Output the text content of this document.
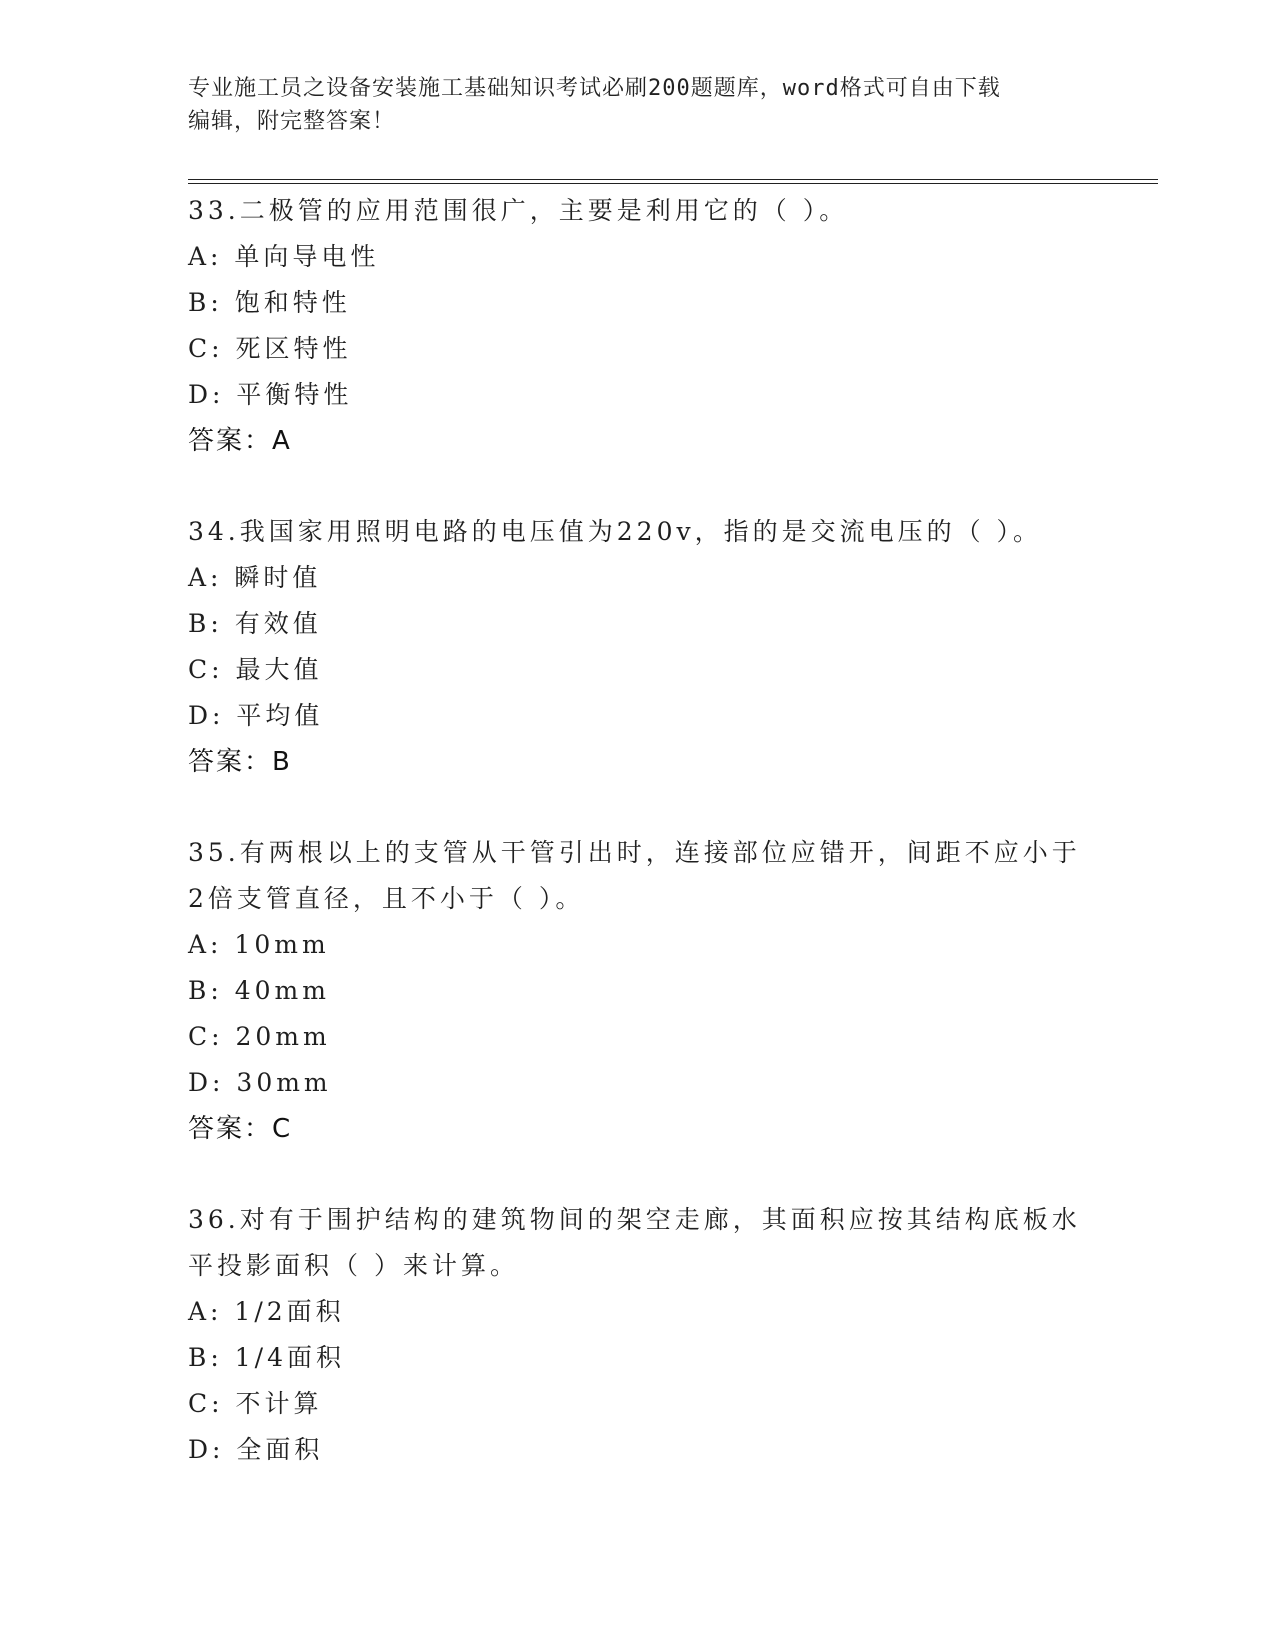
专业施工员之设备安装施工基础知识考试必刷200题题库，word格式可自由下载
编辑，附完整答案！
33.二极管的应用范围很广，主要是利用它的（ ）。
A: 单向导电性
B: 饱和特性
C: 死区特性
D: 平衡特性
答案：A
34.我国家用照明电路的电压值为220v，指的是交流电压的（ ）。
A: 瞬时值
B: 有效值
C: 最大值
D: 平均值
答案：B
35.有两根以上的支管从干管引出时，连接部位应错开，间距不应小于
2倍支管直径，且不小于（ ）。
A: 10mm
B: 40mm
C: 20mm
D: 30mm
答案：C
36.对有于围护结构的建筑物间的架空走廊，其面积应按其结构底板水
平投影面积（ ）来计算。
A: 1/2面积
B: 1/4面积
C: 不计算
D: 全面积
